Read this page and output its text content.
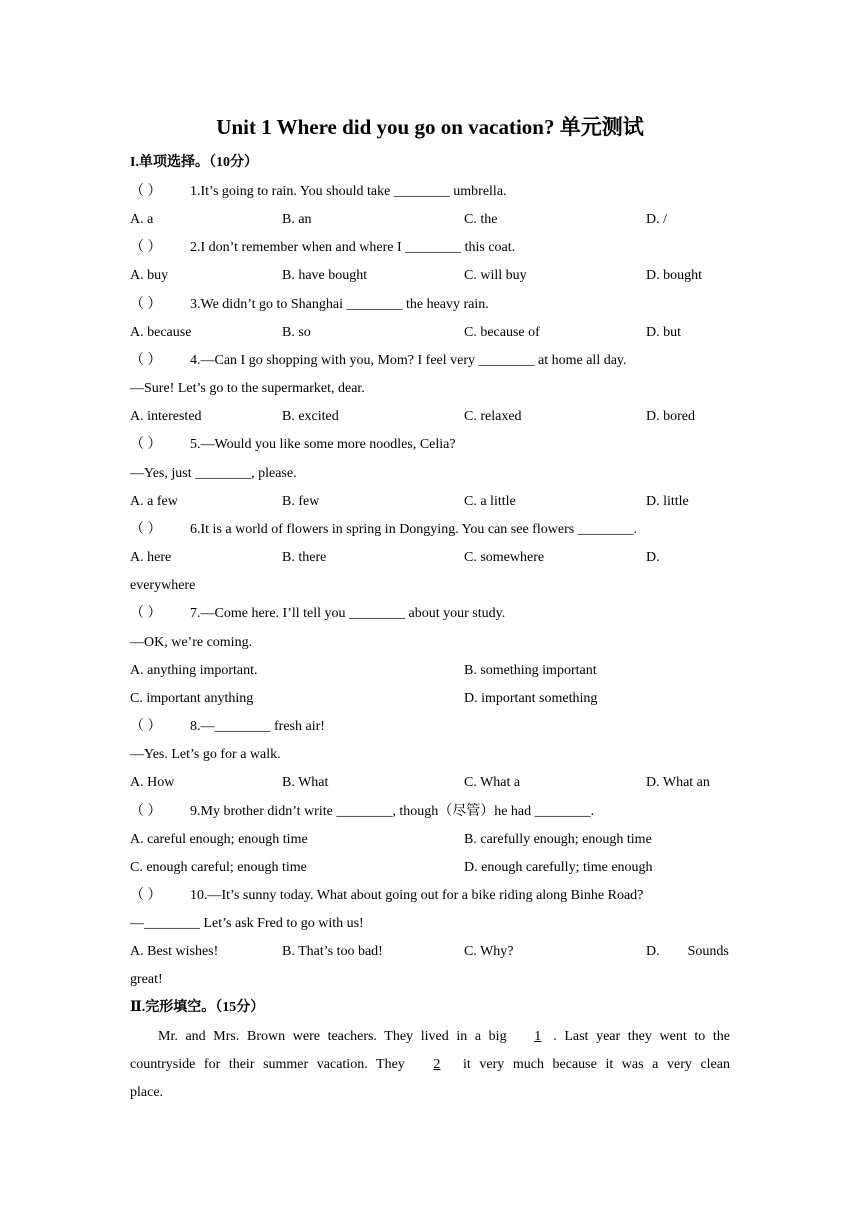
Unit 1 Where did you go on vacation? 单元测试
I.单项选择。（10分）
（ ） 1.It’s going to rain. You should take ________ umbrella.
A. a	B. an	C. the	D. /
（ ） 2.I don’t remember when and where I ________ this coat.
A. buy	B. have bought	C. will buy	D. bought
（ ） 3.We didn’t go to Shanghai ________ the heavy rain.
A. because	B. so	C. because of	D. but
（ ） 4.—Can I go shopping with you, Mom? I feel very ________ at home all day.
—Sure! Let’s go to the supermarket, dear.
A. interested	B. excited	C. relaxed	D. bored
（ ） 5.—Would you like some more noodles, Celia?
—Yes, just ________, please.
A. a few	B. few	C. a little	D. little
（ ） 6.It is a world of flowers in spring in Dongying. You can see flowers ________.
A. here	B. there	C. somewhere	D.
everywhere
（ ） 7.—Come here. I’ll tell you ________ about your study.
—OK, we’re coming.
A. anything important.	B. something important
C. important anything	D. important something
（ ） 8.—________ fresh air!
—Yes. Let’s go for a walk.
A. How	B. What	C. What a	D. What an
（ ） 9.My brother didn’t write ________, though（尽管）he had ________.
A. careful enough; enough time	B. carefully enough; enough time
C. enough careful; enough time	D. enough carefully; time enough
（ ） 10.—It’s sunny today. What about going out for a bike riding along Binhe Road?
—________ Let’s ask Fred to go with us!
A. Best wishes!	B. That’s too bad!	C. Why?	D.        Sounds
great!
Ⅱ.完形填空。（15分）
Mr. and Mrs. Brown were teachers. They lived in a big 1 . Last year they went to the
countryside for their summer vacation. They 2 it very much because it was a very clean
place.
